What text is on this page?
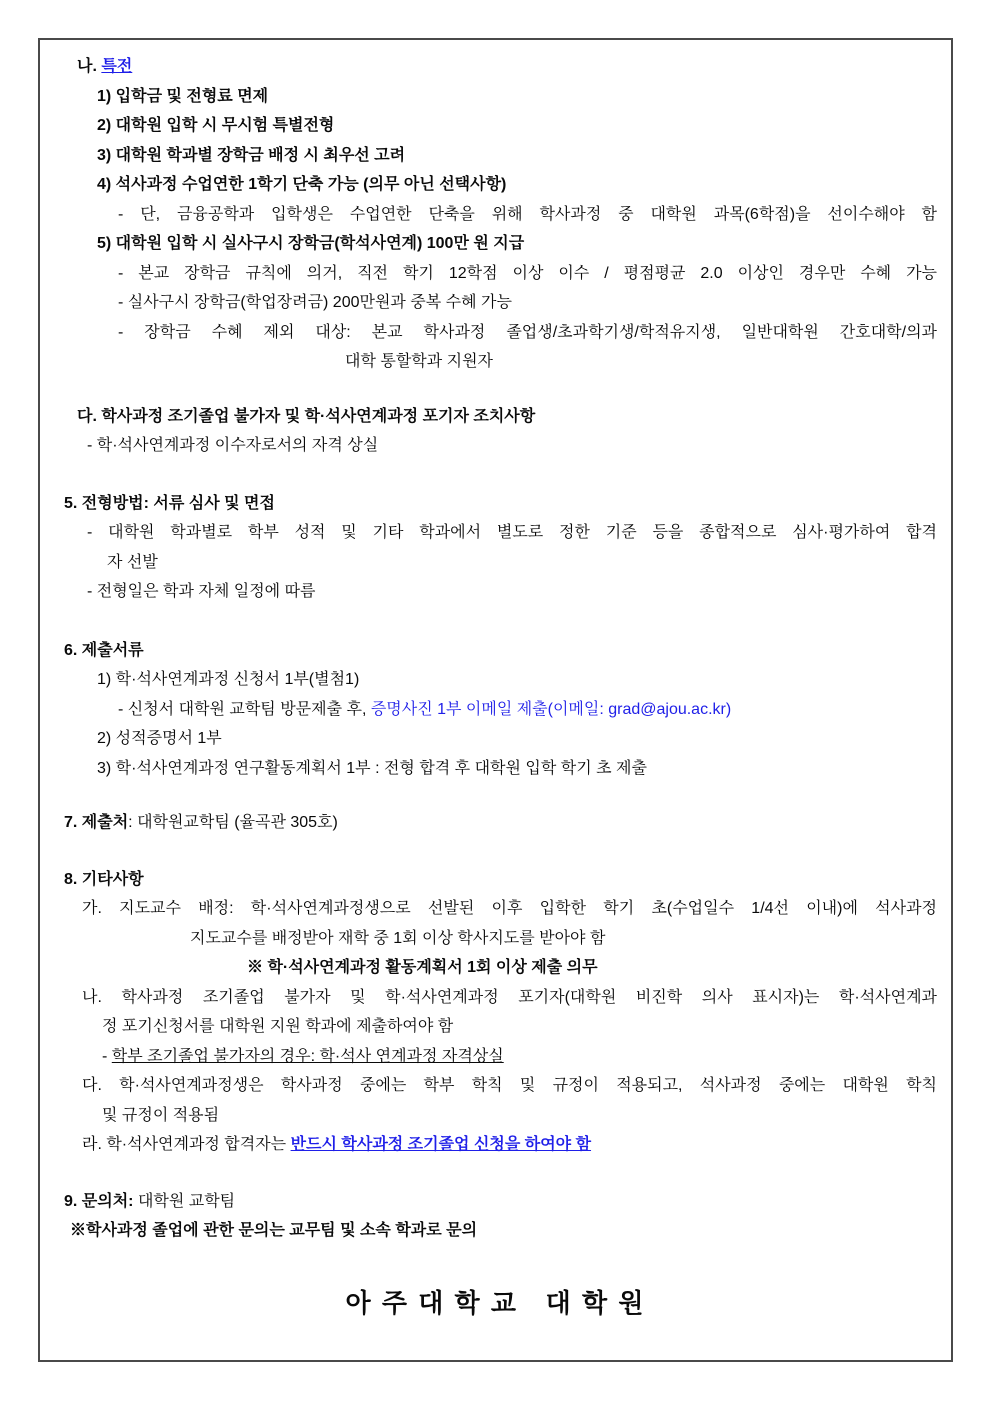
나. 특전
1) 입학금 및 전형료 면제
2) 대학원 입학 시 무시험 특별전형
3) 대학원 학과별 장학금 배정 시 최우선 고려
4) 석사과정 수업연한 1학기 단축 가능 (의무 아닌 선택사항)
- 단, 금융공학과 입학생은 수업연한 단축을 위해 학사과정 중 대학원 과목(6학점)을 선이수해야 함
5) 대학원 입학 시 실사구시 장학금(학석사연계) 100만 원 지급
- 본교 장학금 규칙에 의거, 직전 학기 12학점 이상 이수 / 평점평균 2.0 이상인 경우만 수혜 가능
- 실사구시 장학금(학업장려금) 200만원과 중복 수혜 가능
- 장학금 수혜 제외 대상: 본교 학사과정 졸업생/초과학기생/학적유지생, 일반대학원 간호대학/의과
대학 통할학과 지원자
다. 학사과정 조기졸업 불가자 및 학·석사연계과정 포기자 조치사항
- 학·석사연계과정 이수자로서의 자격 상실
5. 전형방법: 서류 심사 및 면접
- 대학원 학과별로 학부 성적 및 기타 학과에서 별도로 정한 기준 등을 종합적으로 심사·평가하여 합격
자 선발
- 전형일은 학과 자체 일정에 따름
6. 제출서류
1) 학·석사연계과정 신청서 1부(별첨1)
- 신청서 대학원 교학팀 방문제출 후, 증명사진 1부 이메일 제출(이메일: grad@ajou.ac.kr)
2) 성적증명서 1부
3) 학·석사연계과정 연구활동계획서 1부 : 전형 합격 후 대학원 입학 학기 초 제출
7. 제출처: 대학원교학팀 (율곡관 305호)
8. 기타사항
가. 지도교수 배정: 학·석사연계과정생으로 선발된 이후 입학한 학기 초(수업일수 1/4선 이내)에 석사과정
지도교수를 배정받아 재학 중 1회 이상 학사지도를 받아야 함
※ 학·석사연계과정 활동계획서 1회 이상 제출 의무
나. 학사과정 조기졸업 불가자 및 학·석사연계과정 포기자(대학원 비진학 의사 표시자)는 학·석사연계과
정 포기신청서를 대학원 지원 학과에 제출하여야 함
- 학부 조기졸업 불가자의 경우: 학·석사 연계과정 자격상실
다. 학·석사연계과정생은 학사과정 중에는 학부 학칙 및 규정이 적용되고, 석사과정 중에는 대학원 학칙
및 규정이 적용됨
라. 학·석사연계과정 합격자는 반드시 학사과정 조기졸업 신청을 하여야 함
9. 문의처: 대학원 교학팀
※학사과정 졸업에 관한 문의는 교무팀 및 소속 학과로 문의
아 주 대 학 교   대 학 원
